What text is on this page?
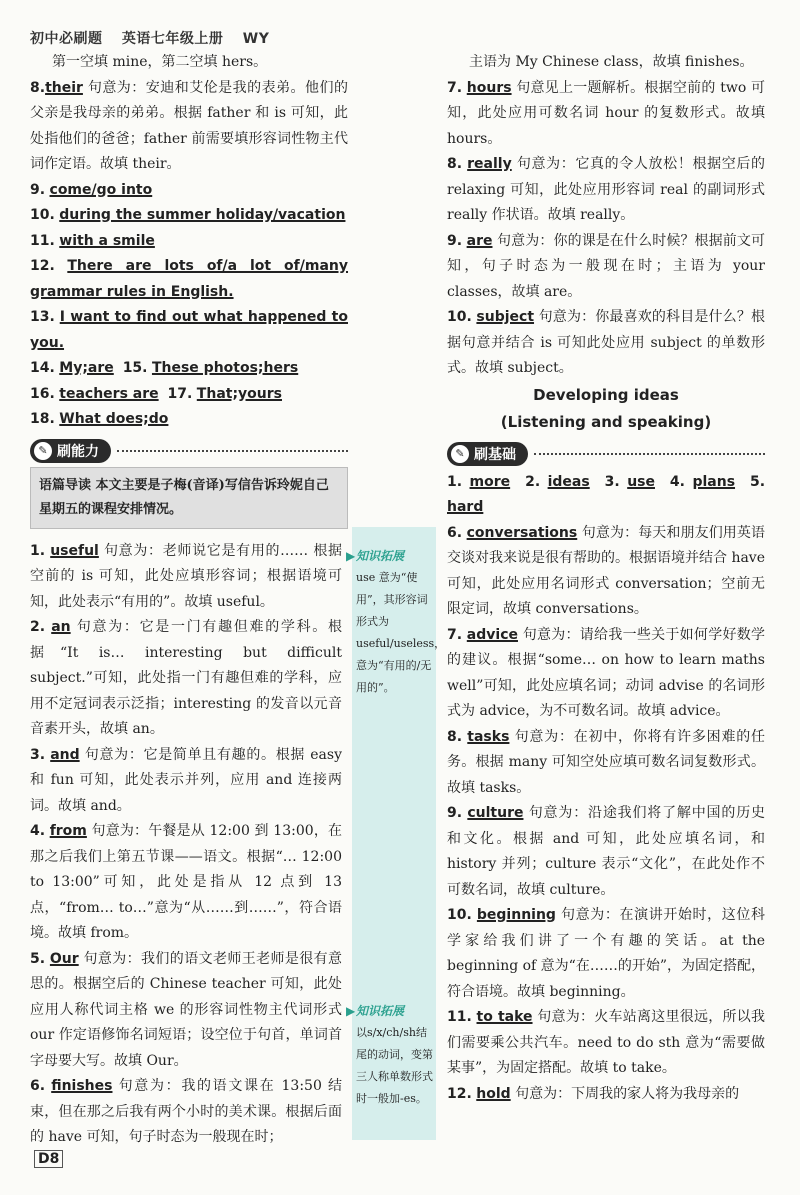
初中必刷题 英语七年级上册 WY
▶ 知识拓展
use 意为“使用”，其形容词形式为 useful/useless，意为“有用的/无用的”。
▶ 知识拓展
以s/x/ch/sh结尾的动词，变第三人称单数形式时一般加-es。

第一空填 mine，第二空填 hers。

8.their 句意为：安迪和艾伦是我的表弟。他们的父亲是我母亲的弟弟。根据 father 和 is 可知，此处指他们的爸爸；father 前需要填形容词性物主代词作定语。故填 their。

9. come/go into

10. during the summer holiday/vacation

11. with a smile

12. There are lots of/a lot of/many grammar rules in English.

13. I want to find out what happened to you.

14. My;are 15. These photos;hers

16. teachers are 17. That;yours

18. What does;do

✎ 刷能力
语篇导读 本文主要是子梅(音译)写信告诉玲妮自己星期五的课程安排情况。

1. useful 句意为：老师说它是有用的…… 根据空前的 is 可知，此处应填形容词；根据语境可知，此处表示“有用的”。故填 useful。

2. an 句意为：它是一门有趣但难的学科。根据“It is… interesting but difficult subject.”可知，此处指一门有趣但难的学科，应用不定冠词表示泛指；interesting 的发音以元音音素开头，故填 an。

3. and 句意为：它是简单且有趣的。根据 easy 和 fun 可知，此处表示并列，应用 and 连接两词。故填 and。

4. from 句意为：午餐是从 12:00 到 13:00，在那之后我们上第五节课——语文。根据“… 12:00 to 13:00”可知，此处是指从 12 点到 13 点，“from… to…”意为“从……到……”，符合语境。故填 from。

5. Our 句意为：我们的语文老师王老师是很有意思的。根据空后的 Chinese teacher 可知，此处应用人称代词主格 we 的形容词性物主代词形式 our 作定语修饰名词短语；设空位于句首，单词首字母要大写。故填 Our。

6. finishes 句意为：我的语文课在 13:50 结束，但在那之后我有两个小时的美术课。根据后面的 have 可知，句子时态为一般现在时；

主语为 My Chinese class，故填 finishes。

7. hours 句意见上一题解析。根据空前的 two 可知，此处应用可数名词 hour 的复数形式。故填 hours。

8. really 句意为：它真的令人放松！根据空后的 relaxing 可知，此处应用形容词 real 的副词形式 really 作状语。故填 really。

9. are 句意为：你的课是在什么时候？根据前文可知，句子时态为一般现在时；主语为 your classes，故填 are。

10. subject 句意为：你最喜欢的科目是什么？根据句意并结合 is 可知此处应用 subject 的单数形式。故填 subject。

Developing ideas
(Listening and speaking)
✎ 刷基础

1. more 2. ideas 3. use 4. plans 5. hard

6. conversations 句意为：每天和朋友们用英语交谈对我来说是很有帮助的。根据语境并结合 have 可知，此处应用名词形式 conversation；空前无限定词，故填 conversations。

7. advice 句意为：请给我一些关于如何学好数学的建议。根据“some… on how to learn maths well”可知，此处应填名词；动词 advise 的名词形式为 advice，为不可数名词。故填 advice。

8. tasks 句意为：在初中，你将有许多困难的任务。根据 many 可知空处应填可数名词复数形式。故填 tasks。

9. culture 句意为：沿途我们将了解中国的历史和文化。根据 and 可知，此处应填名词，和 history 并列；culture 表示“文化”，在此处作不可数名词，故填 culture。

10. beginning 句意为：在演讲开始时，这位科学家给我们讲了一个有趣的笑话。at the beginning of 意为“在……的开始”，为固定搭配，符合语境。故填 beginning。

11. to take 句意为：火车站离这里很远，所以我们需要乘公共汽车。need to do sth 意为“需要做某事”，为固定搭配。故填 to take。

12. hold 句意为：下周我的家人将为我母亲的

D8
